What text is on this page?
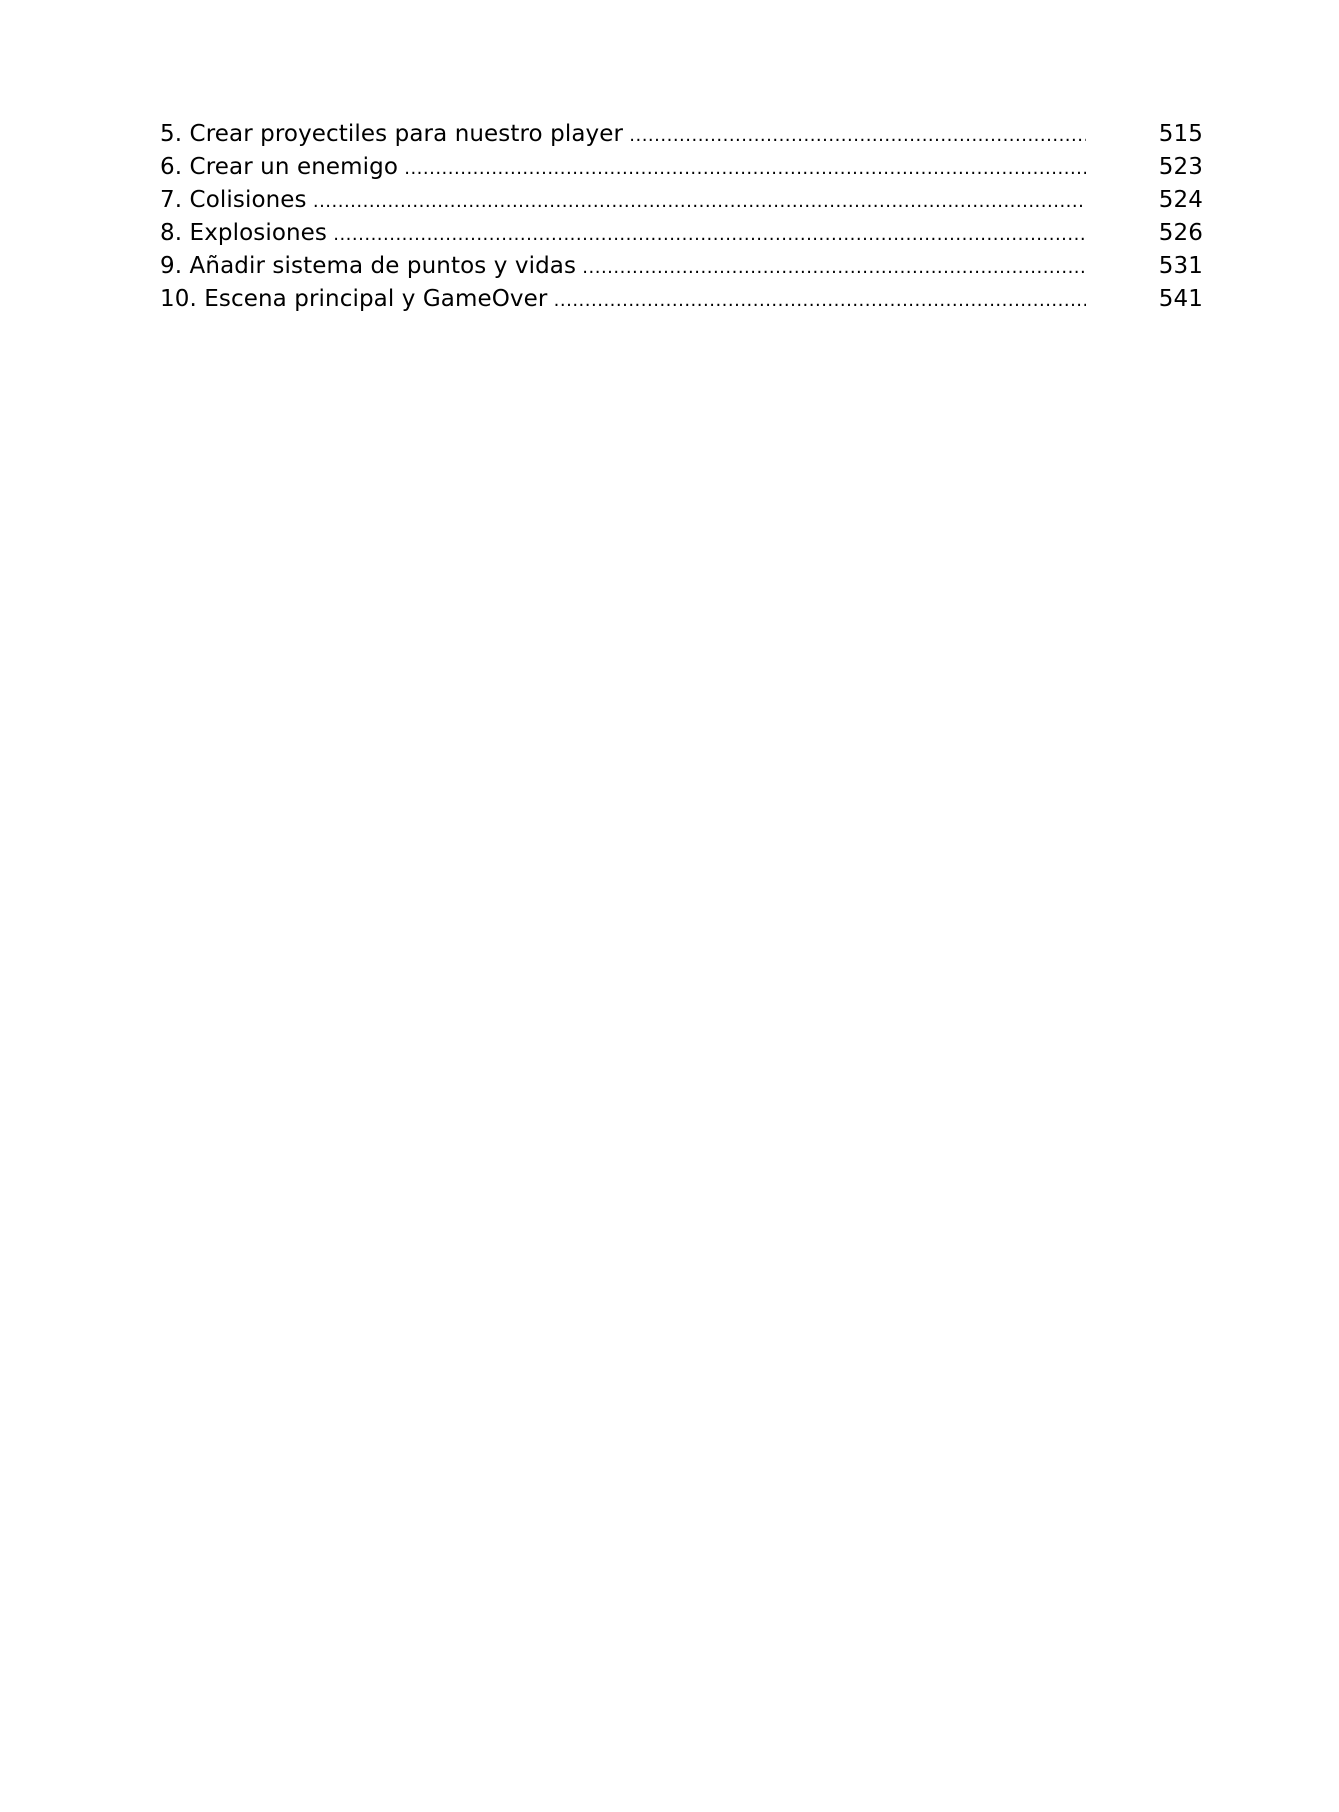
5. Crear proyectiles para nuestro player .....	515
6. Crear un enemigo .....	523
7. Colisiones .....	524
8. Explosiones .....	526
9. Añadir sistema de puntos y vidas .....	531
10. Escena principal y GameOver .....	541
